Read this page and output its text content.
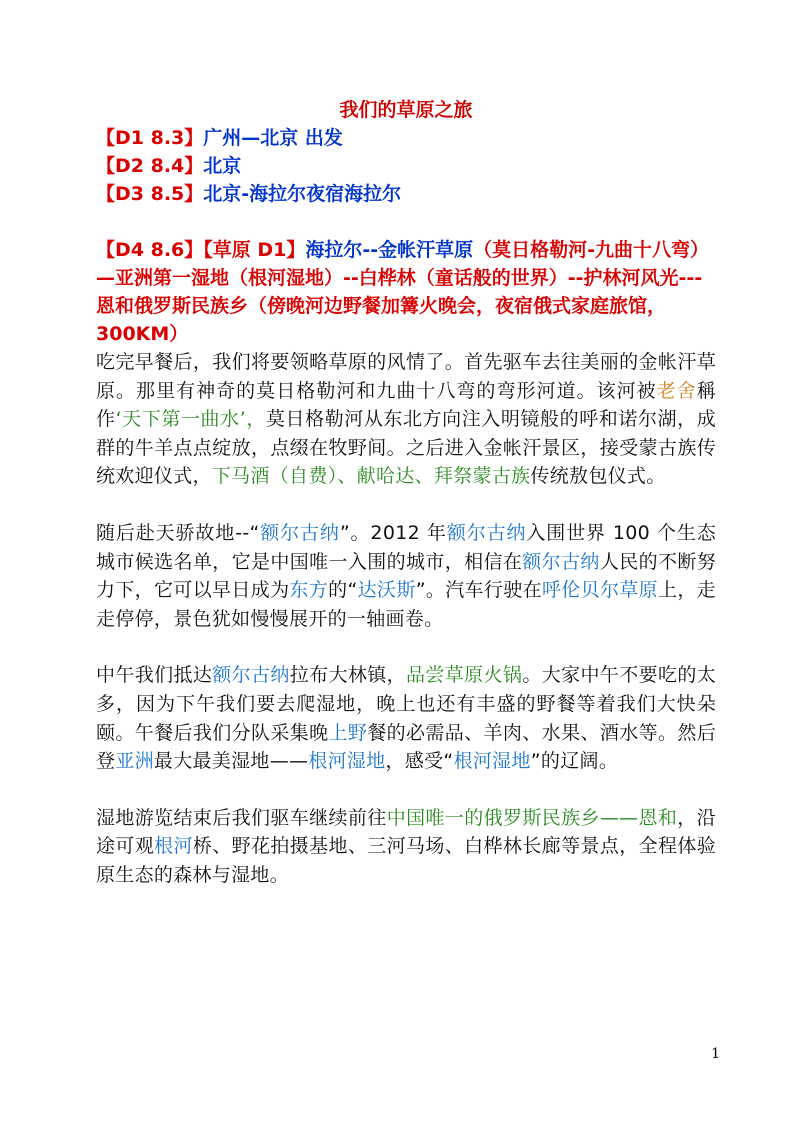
我们的草原之旅
【D1 8.3】广州—北京 出发
【D2 8.4】北京
【D3 8.5】北京-海拉尔夜宿海拉尔
【D4 8.6】【草原 D1】海拉尔--金帐汗草原（莫日格勒河-九曲十八弯）—亚洲第一湿地（根河湿地）--白桦林（童话般的世界）--护林河风光---恩和俄罗斯民族乡（傍晚河边野餐加篝火晚会，夜宿俄式家庭旅馆，300KM）

吃完早餐后，我们将要领略草原的风情了。首先驱车去往美丽的金帐汗草原。那里有神奇的莫日格勒河和九曲十八弯的弯形河道。该河被老舍稱作‘天下第一曲水’，莫日格勒河从东北方向注入明镜般的呼和诺尔湖，成群的牛羊点点绽放，点缀在牧野间。之后进入金帐汗景区，接受蒙古族传统欢迎仪式，下马酒（自费）、献哈达、拜祭蒙古族传统敖包仪式。

随后赴天骄故地--“额尔古纳”。2012 年额尔古纳入围世界 100 个生态城市候选名单，它是中国唯一入围的城市，相信在额尔古纳人民的不断努力下，它可以早日成为东方的“达沃斯”。汽车行驶在呼伦贝尔草原上，走走停停，景色犹如慢慢展开的一轴画卷。

中午我们抵达额尔古纳拉布大林镇，品尝草原火锅。大家中午不要吃的太多，因为下午我们要去爬湿地，晚上也还有丰盛的野餐等着我们大快朵颐。午餐后我们分队采集晚上野餐的必需品、羊肉、水果、酒水等。然后登亚洲最大最美湿地——根河湿地，感受“根河湿地”的辽阔。

湿地游览结束后我们驱车继续前往中国唯一的俄罗斯民族乡——恩和，沿途可观根河桥、野花拍摄基地、三河马场、白桦林长廊等景点，全程体验原生态的森林与湿地。

1
